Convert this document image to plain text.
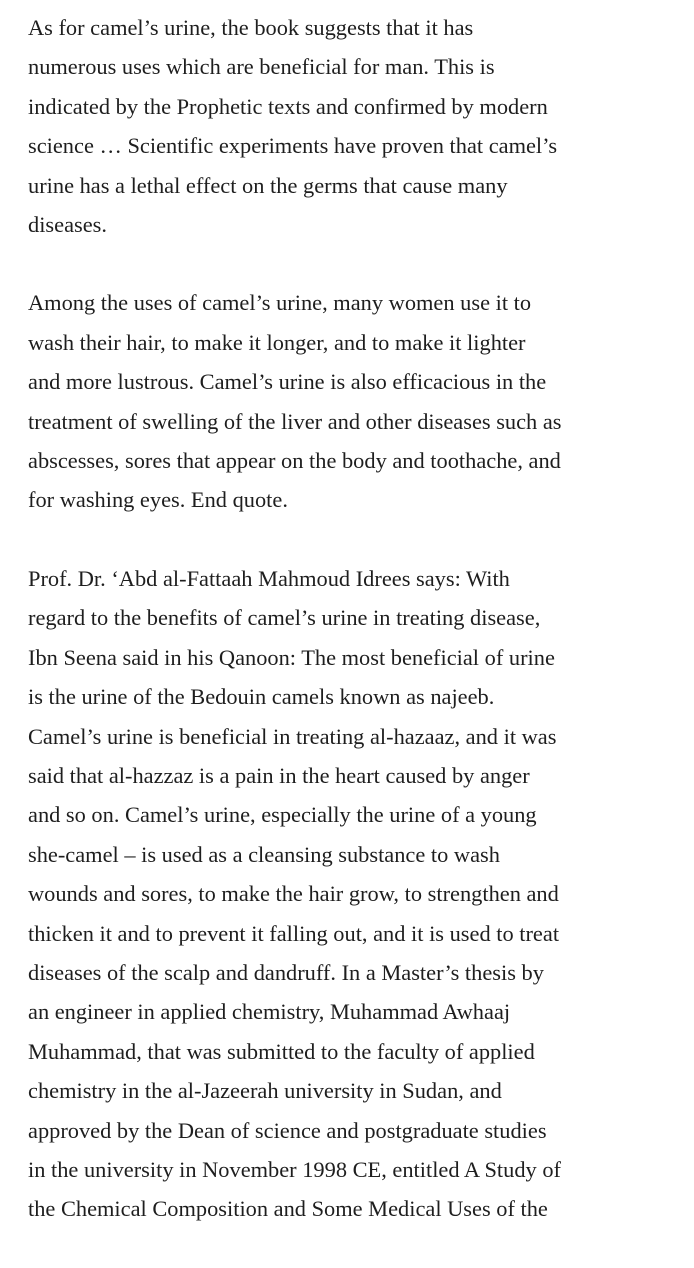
As for camel’s urine, the book suggests that it has
numerous uses which are beneficial for man. This is
indicated by the Prophetic texts and confirmed by modern
science … Scientific experiments have proven that camel’s
urine has a lethal effect on the germs that cause many
diseases.

Among the uses of camel’s urine, many women use it to
wash their hair, to make it longer, and to make it lighter
and more lustrous. Camel’s urine is also efficacious in the
treatment of swelling of the liver and other diseases such as
abscesses, sores that appear on the body and toothache, and
for washing eyes. End quote.

Prof. Dr. ‘Abd al-Fattaah Mahmoud Idrees says: With
regard to the benefits of camel’s urine in treating disease,
Ibn Seena said in his Qanoon: The most beneficial of urine
is the urine of the Bedouin camels known as najeeb.
Camel’s urine is beneficial in treating al-hazaaz, and it was
said that al-hazzaz is a pain in the heart caused by anger
and so on. Camel’s urine, especially the urine of a young
she-camel – is used as a cleansing substance to wash
wounds and sores, to make the hair grow, to strengthen and
thicken it and to prevent it falling out, and it is used to treat
diseases of the scalp and dandruff. In a Master’s thesis by
an engineer in applied chemistry, Muhammad Awhaaj
Muhammad, that was submitted to the faculty of applied
chemistry in the al-Jazeerah university in Sudan, and
approved by the Dean of science and postgraduate studies
in the university in November 1998 CE, entitled A Study of
the Chemical Composition and Some Medical Uses of the
